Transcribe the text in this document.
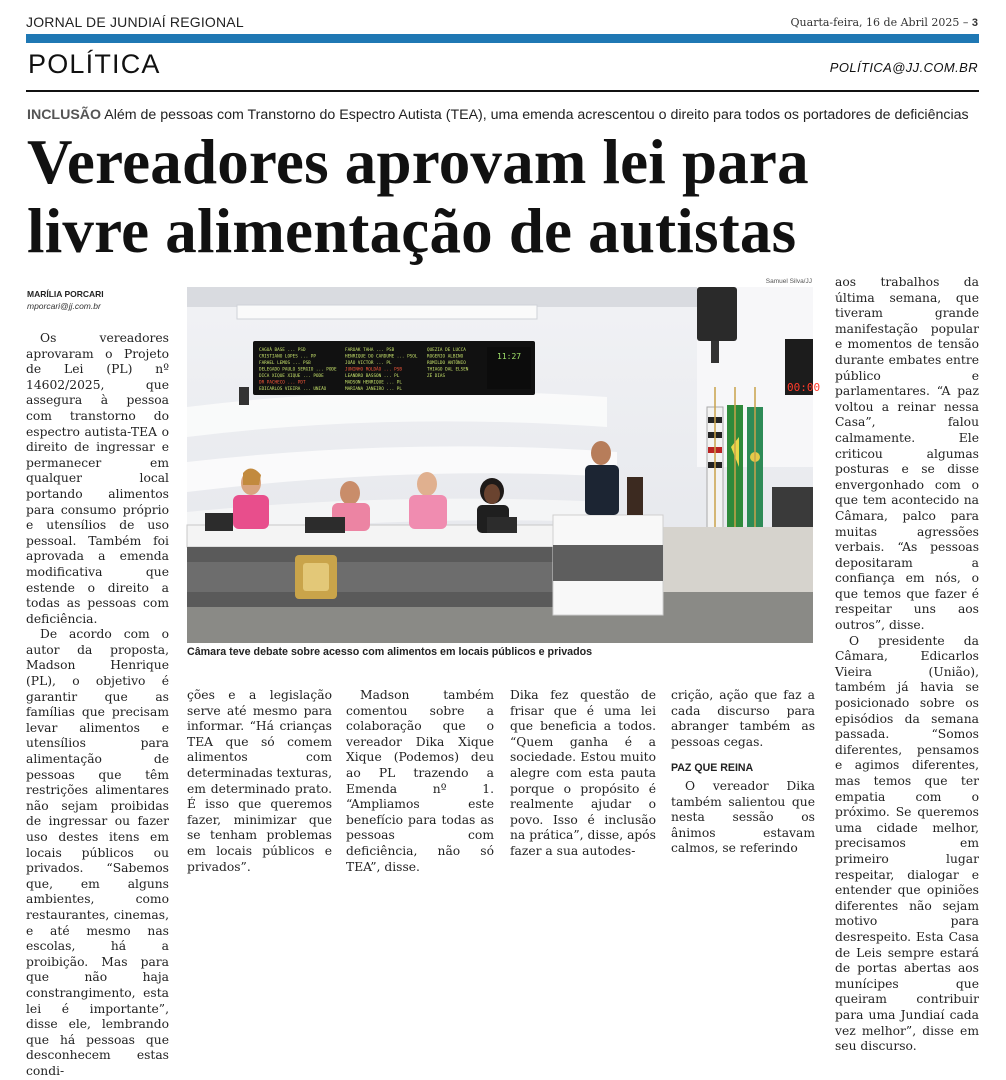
JORNAL DE JUNDIAÍ REGIONAL	Quarta-feira, 16 de Abril 2025 – 3
POLÍTICA	POLÍTICA@JJ.COM.BR
INCLUSÃO Além de pessoas com Transtorno do Espectro Autista (TEA), uma emenda acrescentou o direito para todos os portadores de deficiências
Vereadores aprovam lei para
livre alimentação de autistas
MARÍLIA PORCARI
mporcari@jj.com.br
Samuel Silva/JJ
CAGUÁ BASE ... PSD
CRISTIANO LOPES ... PP
FARHEL LEMOS ... PSB
DELEGADO PAULO SERGIO ... PODE
DICA XIQUE XIQUE ... PODE
DR PACHECO ... PDT
EDICARLOS VIEIRA ... UNIÃO
FARUAK TAHA ... PSB
HENRIQUE DO CARDUME ... PSOL
JOÃO VICTOR ... PL
JUNINHO ROLDÃO ... PSB
LEANDRO BASSON ... PL
MADSON HENRIQUE ... PL
MARIANA JANEIRO ... PL
QUEZIA DE LUCCA
ROGERIO ALBINO
ROMILDO ANTÔNIO
THIAGO DAL ELSEN
ZÉ DIAS
11:27
00:00
Câmara teve debate sobre acesso com alimentos em locais públicos e privados

Os vereadores aprovaram o Projeto de Lei (PL) nº 14602/2025, que assegura à pessoa com transtorno do espectro autista-TEA o direito de ingressar e permanecer em qualquer local portando alimentos para consumo próprio e utensílios de uso pessoal. Também foi aprovada a emenda modificativa que estende o direito a todas as pessoas com deficiência.

De acordo com o autor da proposta, Madson Henrique (PL), o objetivo é garantir que as famílias que precisam levar alimentos e utensílios para alimentação de pessoas que têm restrições alimentares não sejam proibidas de ingressar ou fazer uso destes itens em locais públicos ou privados. “Sabemos que, em alguns ambientes, como restaurantes, cinemas, e até mesmo nas escolas, há a proibição. Mas para que não haja constrangimento, esta lei é importante”, disse ele, lembrando que há pessoas que desconhecem estas condi-

ções e a legislação serve até mesmo para informar. “Há crianças TEA que só comem alimentos com determinadas texturas, em determinado prato. É isso que queremos fazer, minimizar que se tenham problemas em locais públicos e privados”.

Madson também comentou sobre a colaboração que o vereador Dika Xique Xique (Podemos) deu ao PL trazendo a Emenda nº 1. “Ampliamos este benefício para todas as pessoas com deficiência, não só TEA”, disse.

Dika fez questão de frisar que é uma lei que beneficia a todos. “Quem ganha é a sociedade. Estou muito alegre com esta pauta porque o propósito é realmente ajudar o povo. Isso é inclusão na prática”, disse, após fazer a sua autodes-

crição, ação que faz a cada discurso para abranger também as pessoas cegas.

PAZ QUE REINA

O vereador Dika também salientou que nesta sessão os ânimos estavam calmos, se referindo

aos trabalhos da última semana, que tiveram grande manifestação popular e momentos de tensão durante embates entre público e parlamentares. “A paz voltou a reinar nessa Casa”, falou calmamente. Ele criticou algumas posturas e se disse envergonhado com o que tem acontecido na Câmara, palco para muitas agressões verbais. “As pessoas depositaram a confiança em nós, o que temos que fazer é respeitar uns aos outros”, disse.

O presidente da Câmara, Edicarlos Vieira (União), também já havia se posicionado sobre os episódios da semana passada. “Somos diferentes, pensamos e agimos diferentes, mas temos que ter empatia com o próximo. Se queremos uma cidade melhor, precisamos em primeiro lugar respeitar, dialogar e entender que opiniões diferentes não sejam motivo para desrespeito. Esta Casa de Leis sempre estará de portas abertas aos munícipes que queiram contribuir para uma Jundiaí cada vez melhor”, disse em seu discurso.
